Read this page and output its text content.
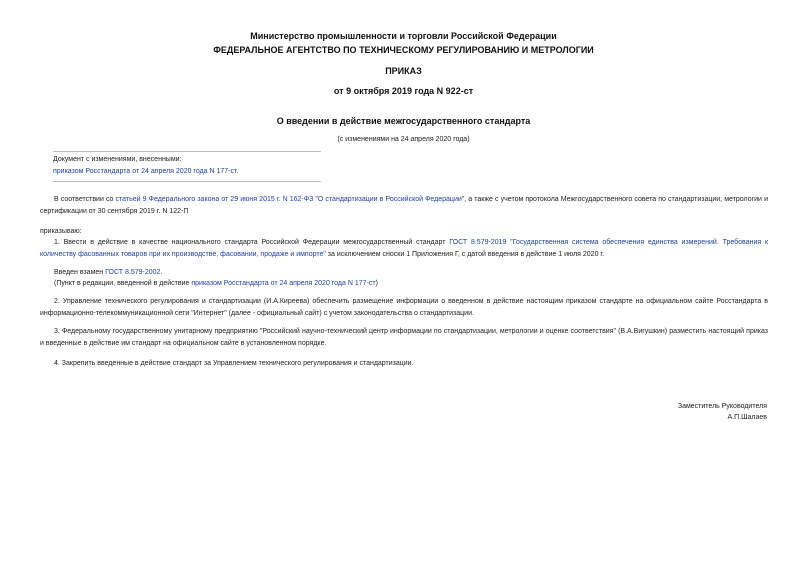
Министерство промышленности и торговли Российской Федерации
ФЕДЕРАЛЬНОЕ АГЕНТСТВО ПО ТЕХНИЧЕСКОМУ РЕГУЛИРОВАНИЮ И МЕТРОЛОГИИ
ПРИКАЗ
от 9 октября 2019 года N 922-ст
О введении в действие межгосударственного стандарта
(с изменениями на 24 апреля 2020 года)
Документ с изменениями, внесенными:
приказом Росстандарта от 24 апреля 2020 года N 177-ст.
В соответствии со статьей 9 Федерального закона от 29 июня 2015 г. N 162-ФЗ "О стандартизации в Российской Федерации", а также с учетом протокола Межгосударственного совета по стандартизации, метрологии и сертификации от 30 сентября 2019 г. N 122-П
приказываю:
1. Ввести в действие в качестве национального стандарта Российской Федерации межгосударственный стандарт ГОСТ 8.579-2019 "Государственная система обеспечения единства измерений. Требования к количеству фасованных товаров при их производстве, фасовании, продаже и импорте" за исключением сноски 1 Приложения Г, с датой введения в действие 1 июля 2020 г.
Введен взамен ГОСТ 8.579-2002.
(Пункт в редакции, введенной в действие приказом Росстандарта от 24 апреля 2020 года N 177-ст)
2. Управление технического регулирования и стандартизации (И.А.Киреева) обеспечить размещение информации о введенном в действие настоящим приказом стандарте на официальном сайте Росстандарта в информационно-телекоммуникационной сети "Интернет" (далее - официальный сайт) с учетом законодательства о стандартизации.
3. Федеральному государственному унитарному предприятию "Российский научно-технический центр информации по стандартизации, метрологии и оценке соответствия" (В.А.Вигушкин) разместить настоящий приказ и введенные в действие им стандарт на официальном сайте в установленном порядке.
4. Закрепить введенные в действие стандарт за Управлением технического регулирования и стандартизации.
Заместитель Руководителя
А.П.Шалаев
